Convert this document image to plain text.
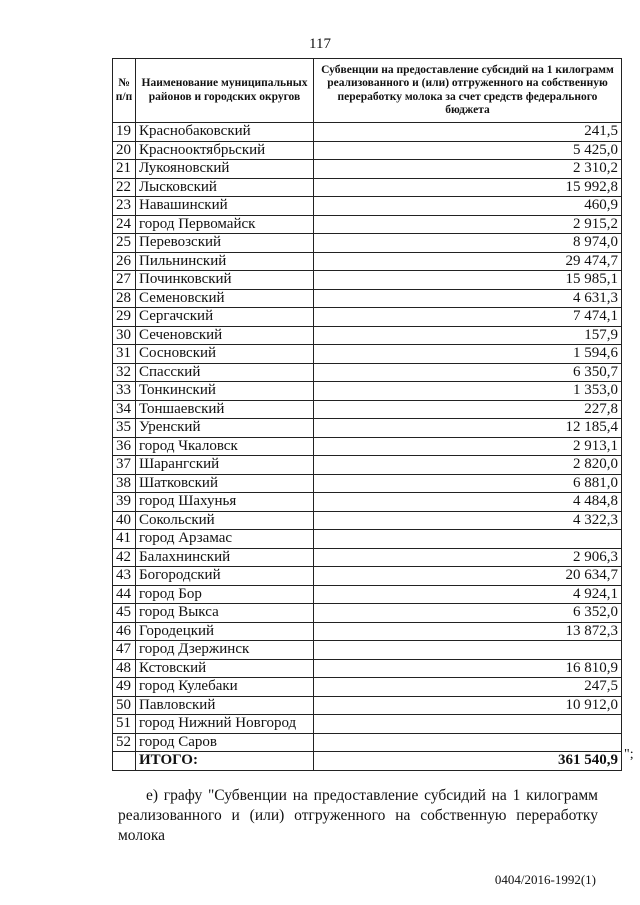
117
№ п/п	Наименование муниципальных районов и городских округов	Субвенции на предоставление субсидий на 1 килограмм реализованного и (или) отгруженного на собственную переработку молока за счет средств федерального бюджета
19	Краснобаковский	241,5
20	Краснооктябрьский	5 425,0
21	Лукояновский	2 310,2
22	Лысковский	15 992,8
23	Навашинский	460,9
24	город Первомайск	2 915,2
25	Перевозский	8 974,0
26	Пильнинский	29 474,7
27	Починковский	15 985,1
28	Семеновский	4 631,3
29	Сергачский	7 474,1
30	Сеченовский	157,9
31	Сосновский	1 594,6
32	Спасский	6 350,7
33	Тонкинский	1 353,0
34	Тоншаевский	227,8
35	Уренский	12 185,4
36	город Чкаловск	2 913,1
37	Шарангский	2 820,0
38	Шатковский	6 881,0
39	город Шахунья	4 484,8
40	Сокольский	4 322,3
41	город Арзамас	
42	Балахнинский	2 906,3
43	Богородский	20 634,7
44	город Бор	4 924,1
45	город Выкса	6 352,0
46	Городецкий	13 872,3
47	город Дзержинск	
48	Кстовский	16 810,9
49	город Кулебаки	247,5
50	Павловский	10 912,0
51	город Нижний Новгород	
52	город Саров	
	ИТОГО:	361 540,9 ";
е) графу "Субвенции на предоставление субсидий на 1 килограмм реализованного и (или) отгруженного на собственную переработку молока
0404/2016-1992(1)
